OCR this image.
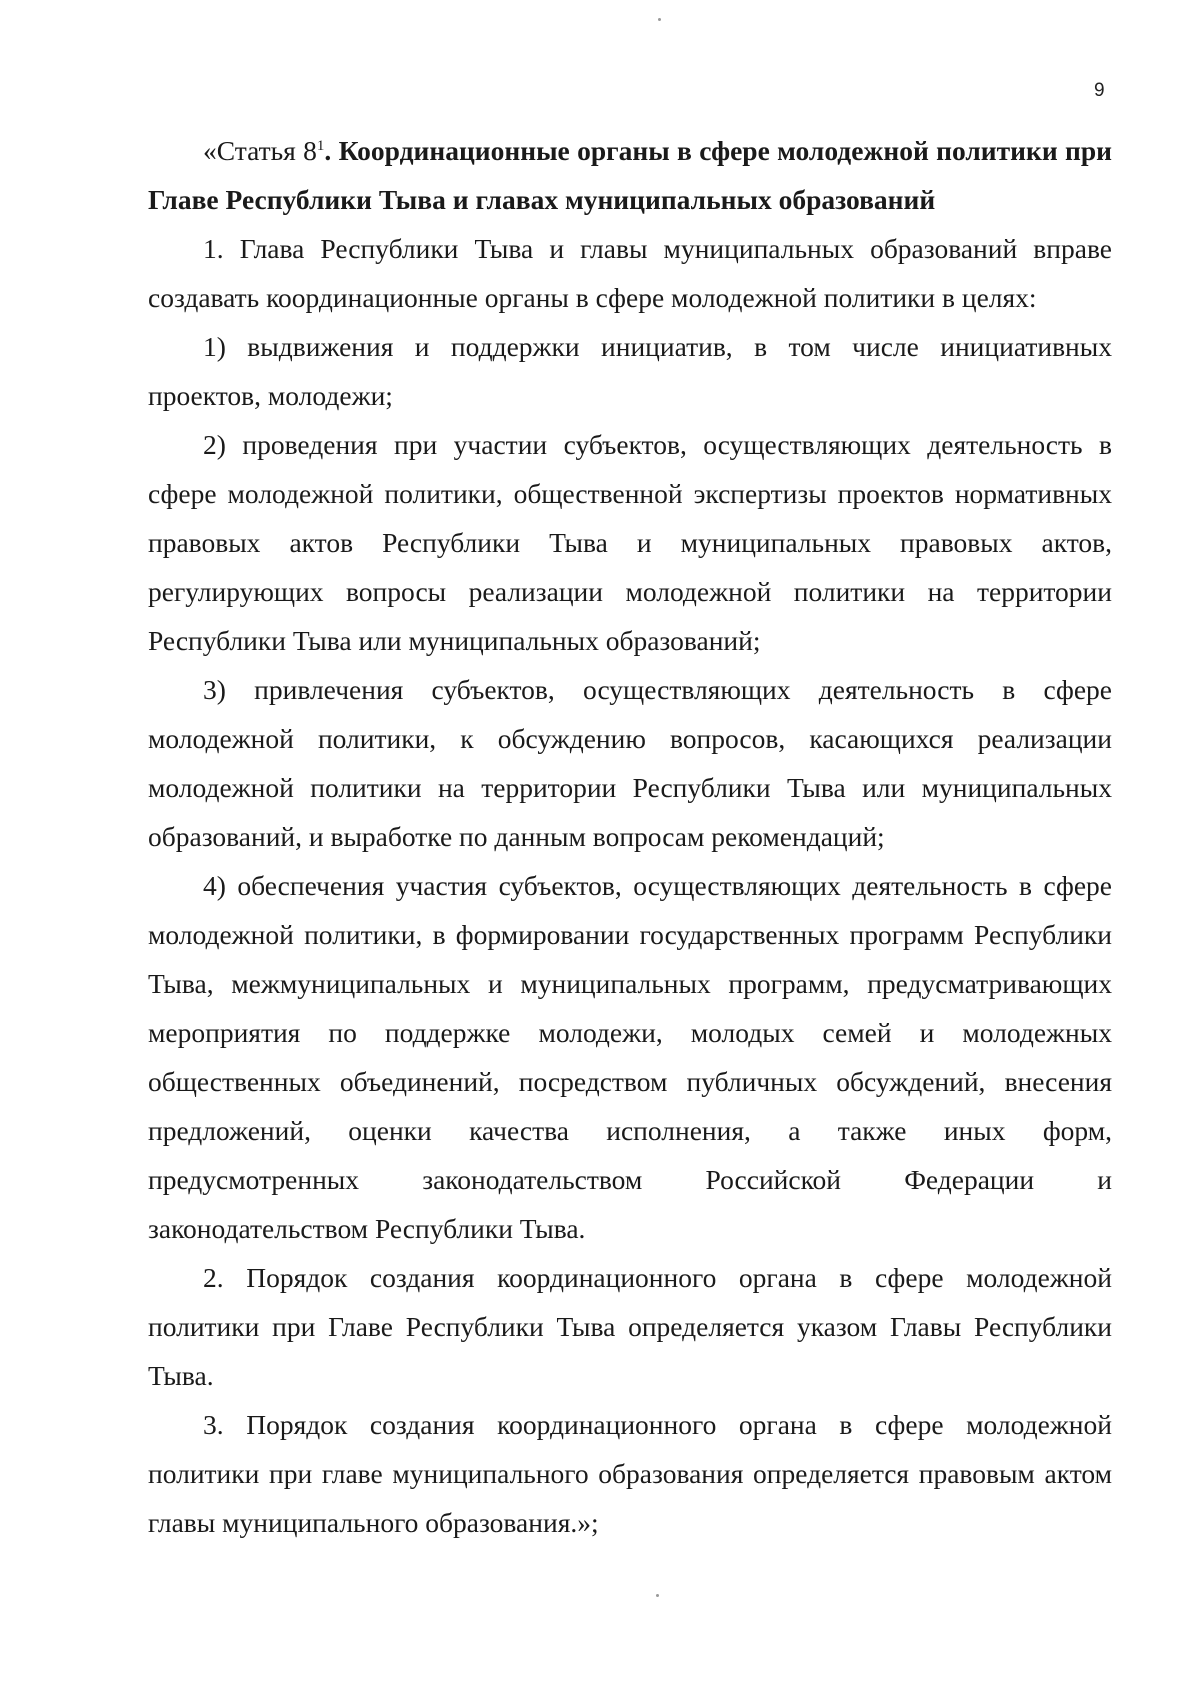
9

«Статья $8^1$. Координационные органы в сфере молодежной политики при Главе Республики Тыва и главах муниципальных образований

1. Глава Республики Тыва и главы муниципальных образований вправе создавать координационные органы в сфере молодежной политики в целях:

1) выдвижения и поддержки инициатив, в том числе инициативных проектов, молодежи;

2) проведения при участии субъектов, осуществляющих деятельность в сфере молодежной политики, общественной экспертизы проектов нормативных правовых актов Республики Тыва и муниципальных правовых актов, регулирующих вопросы реализации молодежной политики на территории Республики Тыва или муниципальных образований;

3) привлечения субъектов, осуществляющих деятельность в сфере молодежной политики, к обсуждению вопросов, касающихся реализации молодежной политики на территории Республики Тыва или муниципальных образований, и выработке по данным вопросам рекомендаций;

4) обеспечения участия субъектов, осуществляющих деятельность в сфере молодежной политики, в формировании государственных программ Республики Тыва, межмуниципальных и муниципальных программ, предусматривающих мероприятия по поддержке молодежи, молодых семей и молодежных общественных объединений, посредством публичных обсуждений, внесения предложений, оценки качества исполнения, а также иных форм, предусмотренных законодательством Российской Федерации и законодательством Республики Тыва.

2. Порядок создания координационного органа в сфере молодежной политики при Главе Республики Тыва определяется указом Главы Республики Тыва.

3. Порядок создания координационного органа в сфере молодежной политики при главе муниципального образования определяется правовым актом главы муниципального образования.»;
